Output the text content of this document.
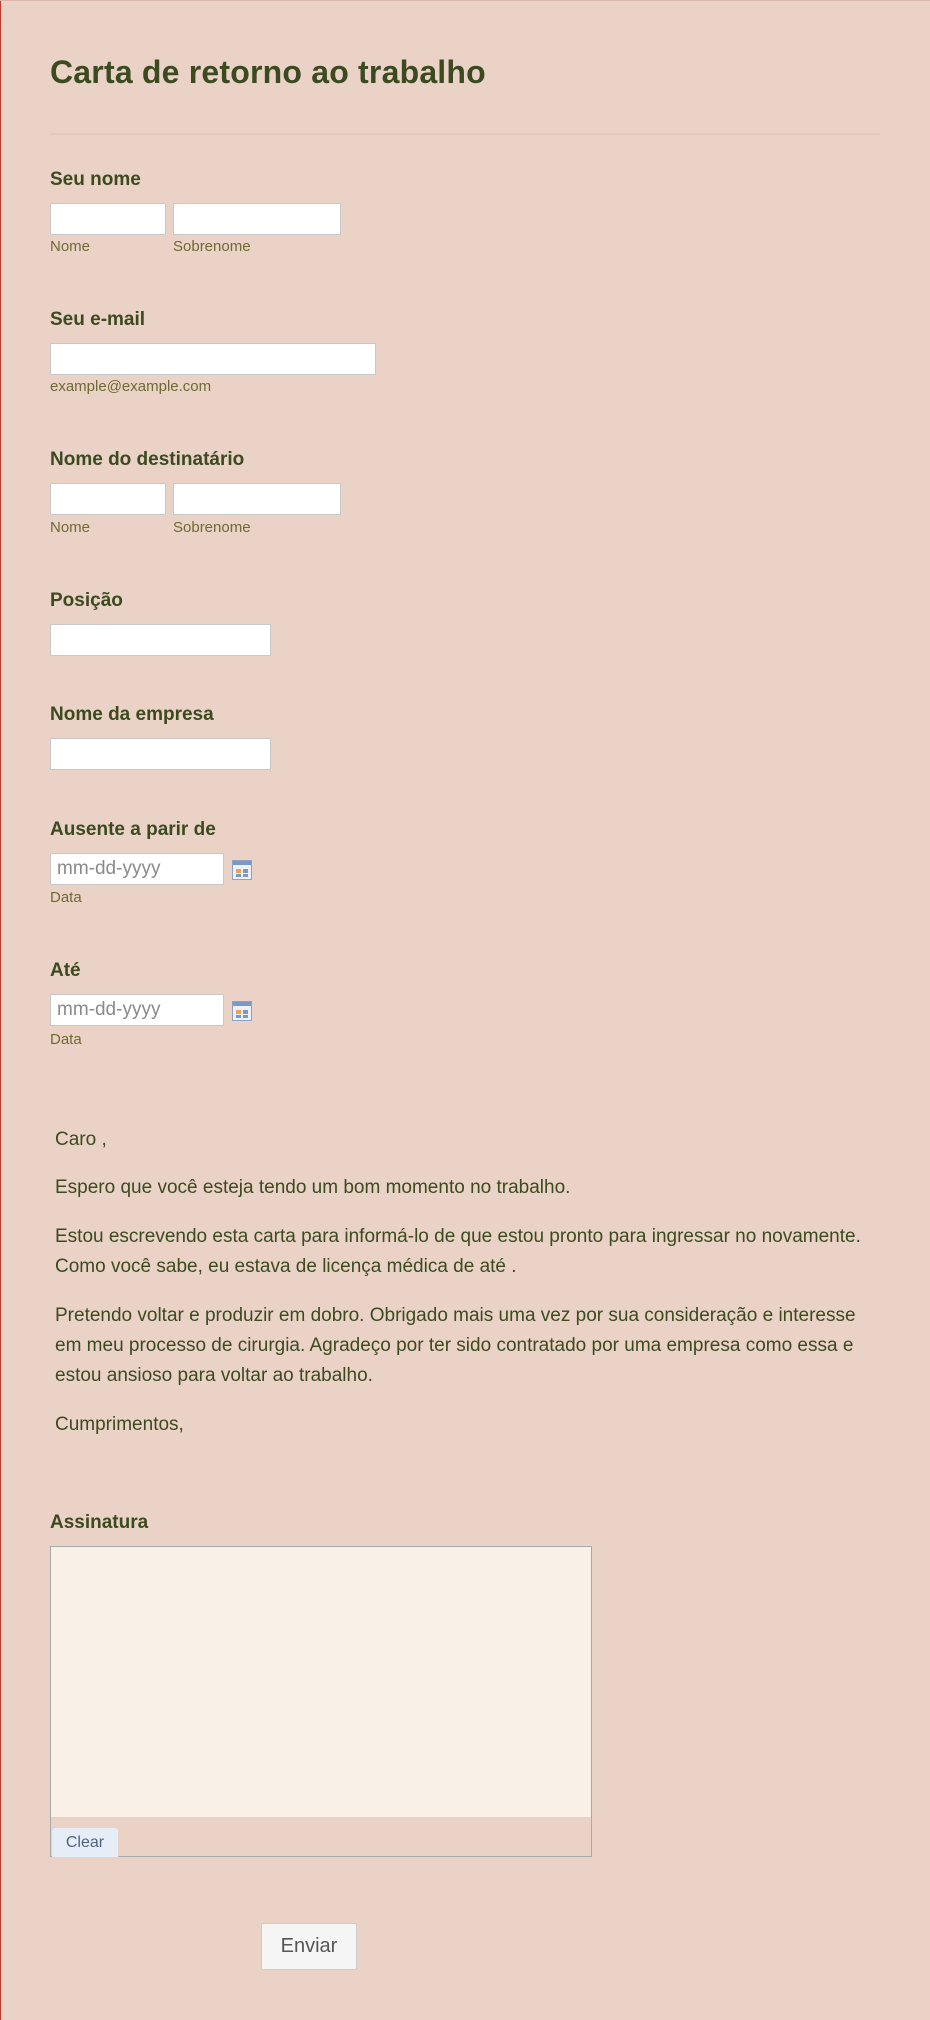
Carta de retorno ao trabalho
Seu nome
Nome	Sobrenome
Seu e-mail
example@example.com
Nome do destinatário
Nome	Sobrenome
Posição
Nome da empresa
Ausente a parir de
mm-dd-yyyy
Data
Até
mm-dd-yyyy
Data
Caro ,
Espero que você esteja tendo um bom momento no trabalho.
Estou escrevendo esta carta para informá-lo de que estou pronto para ingressar no novamente. Como você sabe, eu estava de licença médica de até .
Pretendo voltar e produzir em dobro. Obrigado mais uma vez por sua consideração e interesse em meu processo de cirurgia. Agradeço por ter sido contratado por uma empresa como essa e estou ansioso para voltar ao trabalho.
Cumprimentos,
Assinatura
Clear
Enviar
